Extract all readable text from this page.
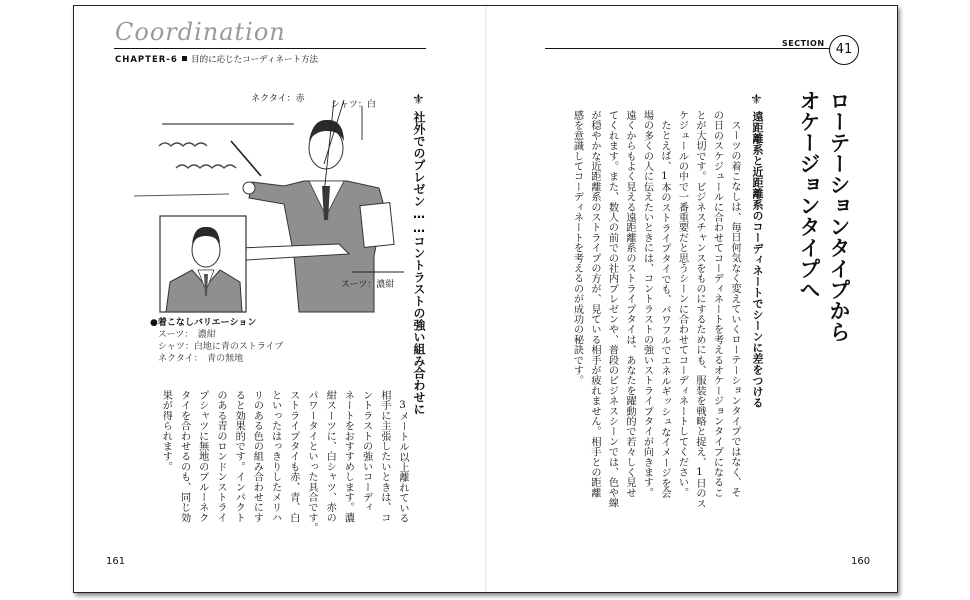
Coordination
CHAPTER-6 目的に応じたコーディネート方法
ネクタイ：赤
シャツ：白
スーツ：濃紺
●着こなしバリエーション
スーツ：　濃紺
シャツ：白地に青のストライプ
ネクタイ：　青の無地
⚜
社外でのプレゼン……コントラストの強い組み合わせに
3メートル以上離れている
相手に主張したいときは、コ
ントラストの強いコーディ
ネートをおすすめします。濃
紺スーツに、白シャツ、赤の
パワータイといった具合です。
ストライプタイも赤、青、白
といったはっきりしたメリハ
リのある色の組み合わせにす
ると効果的です。インパクト
のある青のロンドンストライ
プシャツに無地のブルーネク
タイを合わせるのも、同じ効
果が得られます。
161
SECTION 41
ローテーションタイプから
オケージョンタイプへ
⚜
遠距離系と近距離系のコーディネートでシーンに差をつける
スーツの着こなしは、毎日何気なく変えていくローテーションタイプではなく、そ
の日のスケジュールに合わせてコーディネートを考えるオケージョンタイプになるこ
とが大切です。ビジネスチャンスをものにするためにも、服装を戦略と捉え、1日のス
ケジュールの中で一番重要だと思うシーンに合わせてコーディネートしてください。
たとえば、1本のストライプタイでも、パワフルでエネルギッシュなイメージを会
場の多くの人に伝えたいときには、コントラストの強いストライプタイが向きます。
遠くからもよく見える遠距離系のストライプタイは、あなたを躍動的で若々しく見せ
てくれます。また、数人の前での社内プレゼンや、普段のビジネスシーンでは、色や線
が穏やかな近距離系のストライプの方が、見ている相手が疲れません。相手との距離
感を意識してコーディネートを考えるのが成功の秘訣です。
160
